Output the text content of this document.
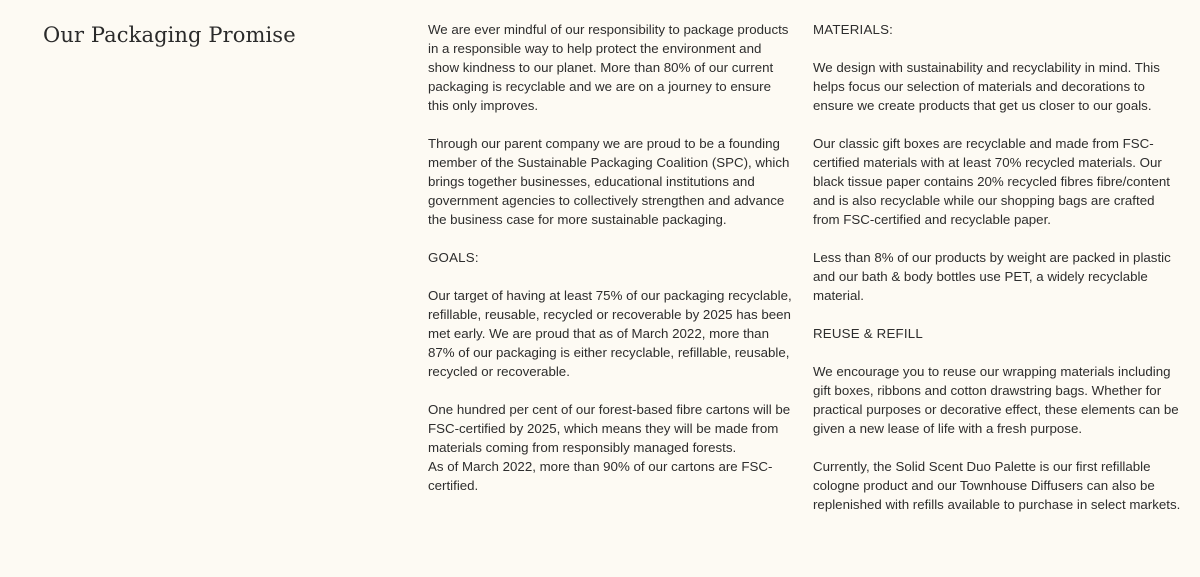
Our Packaging Promise	We are ever mindful of our responsibility to package products in a responsible way to help protect the environment and show kindness to our planet. More than 80% of our current packaging is recyclable and we are on a journey to ensure this only improves.

Through our parent company we are proud to be a founding member of the Sustainable Packaging Coalition (SPC), which brings together businesses, educational institutions and government agencies to collectively strengthen and advance the business case for more sustainable packaging.

GOALS:

Our target of having at least 75% of our packaging recyclable, refillable, reusable, recycled or recoverable by 2025 has been met early. We are proud that as of March 2022, more than 87% of our packaging is either recyclable, refillable, reusable, recycled or recoverable.

One hundred per cent of our forest-based fibre cartons will be FSC-certified by 2025, which means they will be made from materials coming from responsibly managed forests.

As of March 2022, more than 90% of our cartons are FSC-certified.

MATERIALS:

We design with sustainability and recyclability in mind. This helps focus our selection of materials and decorations to ensure we create products that get us closer to our goals.

Our classic gift boxes are recyclable and made from FSC-certified materials with at least 70% recycled materials. Our black tissue paper contains 20% recycled fibres fibre/content and is also recyclable while our shopping bags are crafted from FSC-certified and recyclable paper.

Less than 8% of our products by weight are packed in plastic and our bath & body bottles use PET, a widely recyclable material.

REUSE & REFILL

We encourage you to reuse our wrapping materials including gift boxes, ribbons and cotton drawstring bags. Whether for practical purposes or decorative effect, these elements can be given a new lease of life with a fresh purpose.

Currently, the Solid Scent Duo Palette is our first refillable cologne product and our Townhouse Diffusers can also be replenished with refills available to purchase in select markets.
